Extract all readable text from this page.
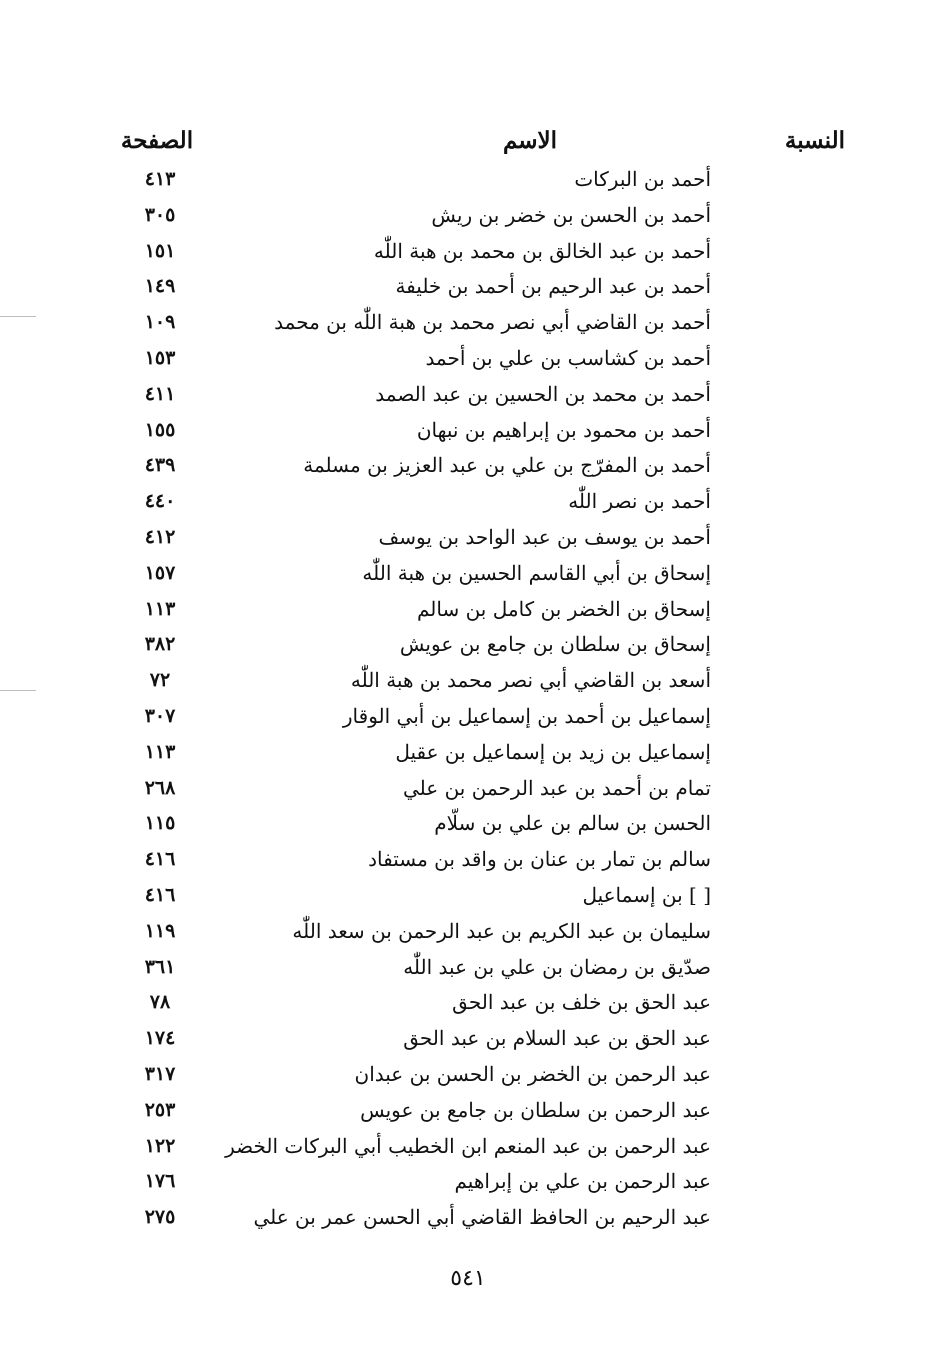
النسبة
الاسم
الصفحة
أحمد بن البركات
٤١٣
أحمد بن الحسن بن خضر بن ريش
٣٠٥
أحمد بن عبد الخالق بن محمد بن هبة اللّٰه
١٥١
أحمد بن عبد الرحيم بن أحمد بن خليفة
١٤٩
أحمد بن القاضي أبي نصر محمد بن هبة اللّٰه بن محمد
١٠٩
أحمد بن كشاسب بن علي بن أحمد
١٥٣
أحمد بن محمد بن الحسين بن عبد الصمد
٤١١
أحمد بن محمود بن إبراهيم بن نبهان
١٥٥
أحمد بن المفرّج بن علي بن عبد العزيز بن مسلمة
٤٣٩
أحمد بن نصر اللّٰه
٤٤٠
أحمد بن يوسف بن عبد الواحد بن يوسف
٤١٢
إسحاق بن أبي القاسم الحسين بن هبة اللّٰه
١٥٧
إسحاق بن الخضر بن كامل بن سالم
١١٣
إسحاق بن سلطان بن جامع بن عويش
٣٨٢
أسعد بن القاضي أبي نصر محمد بن هبة اللّٰه
٧٢
إسماعيل بن أحمد بن إسماعيل بن أبي الوقار
٣٠٧
إسماعيل بن زيد بن إسماعيل بن عقيل
١١٣
تمام بن أحمد بن عبد الرحمن بن علي
٢٦٨
الحسن بن سالم بن علي بن سلّام
١١٥
سالم بن تمار بن عنان بن واقد بن مستفاد
٤١٦
[ ] بن إسماعيل
٤١٦
سليمان بن عبد الكريم بن عبد الرحمن بن سعد اللّٰه
١١٩
صدّيق بن رمضان بن علي بن عبد اللّٰه
٣٦١
عبد الحق بن خلف بن عبد الحق
٧٨
عبد الحق بن عبد السلام بن عبد الحق
١٧٤
عبد الرحمن بن الخضر بن الحسن بن عبدان
٣١٧
عبد الرحمن بن سلطان بن جامع بن عويس
٢٥٣
عبد الرحمن بن عبد المنعم ابن الخطيب أبي البركات الخضر
١٢٢
عبد الرحمن بن علي بن إبراهيم
١٧٦
عبد الرحيم بن الحافظ القاضي أبي الحسن عمر بن علي
٢٧٥
٥٤١
